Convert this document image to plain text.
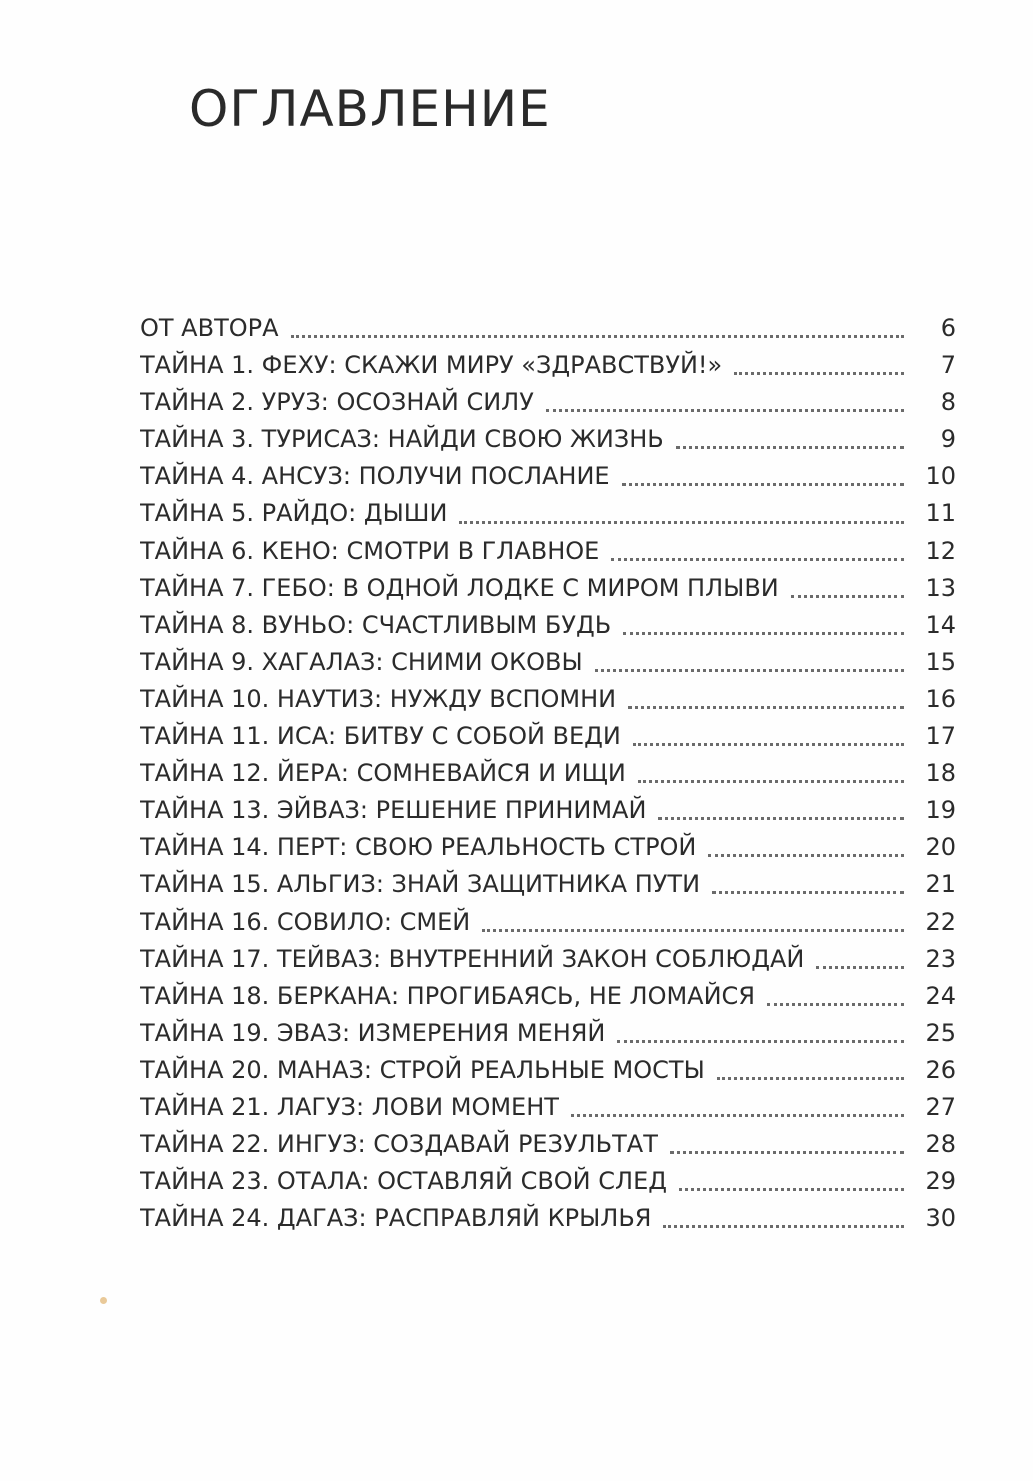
ОГЛАВЛЕНИЕ
ОТ АВТОРА	6
ТАЙНА 1. ФЕХУ: СКАЖИ МИРУ «ЗДРАВСТВУЙ!»	7
ТАЙНА 2. УРУЗ: ОСОЗНАЙ СИЛУ	8
ТАЙНА 3. ТУРИСАЗ: НАЙДИ СВОЮ ЖИЗНЬ	9
ТАЙНА 4. АНСУЗ: ПОЛУЧИ ПОСЛАНИЕ	10
ТАЙНА 5. РАЙДО: ДЫШИ	11
ТАЙНА 6. КЕНО: СМОТРИ В ГЛАВНОЕ	12
ТАЙНА 7. ГЕБО: В ОДНОЙ ЛОДКЕ С МИРОМ ПЛЫВИ	13
ТАЙНА 8. ВУНЬО: СЧАСТЛИВЫМ БУДЬ	14
ТАЙНА 9. ХАГАЛАЗ: СНИМИ ОКОВЫ	15
ТАЙНА 10. НАУТИЗ: НУЖДУ ВСПОМНИ	16
ТАЙНА 11. ИСА: БИТВУ С СОБОЙ ВЕДИ	17
ТАЙНА 12. ЙЕРА: СОМНЕВАЙСЯ И ИЩИ	18
ТАЙНА 13. ЭЙВАЗ: РЕШЕНИЕ ПРИНИМАЙ	19
ТАЙНА 14. ПЕРТ: СВОЮ РЕАЛЬНОСТЬ СТРОЙ	20
ТАЙНА 15. АЛЬГИЗ: ЗНАЙ ЗАЩИТНИКА ПУТИ	21
ТАЙНА 16. СОВИЛО: СМЕЙ	22
ТАЙНА 17. ТЕЙВАЗ: ВНУТРЕННИЙ ЗАКОН СОБЛЮДАЙ	23
ТАЙНА 18. БЕРКАНА: ПРОГИБАЯСЬ, НЕ ЛОМАЙСЯ	24
ТАЙНА 19. ЭВАЗ: ИЗМЕРЕНИЯ МЕНЯЙ	25
ТАЙНА 20. МАНАЗ: СТРОЙ РЕАЛЬНЫЕ МОСТЫ	26
ТАЙНА 21. ЛАГУЗ: ЛОВИ МОМЕНТ	27
ТАЙНА 22. ИНГУЗ: СОЗДАВАЙ РЕЗУЛЬТАТ	28
ТАЙНА 23. ОТАЛА: ОСТАВЛЯЙ СВОЙ СЛЕД	29
ТАЙНА 24. ДАГАЗ: РАСПРАВЛЯЙ КРЫЛЬЯ	30
